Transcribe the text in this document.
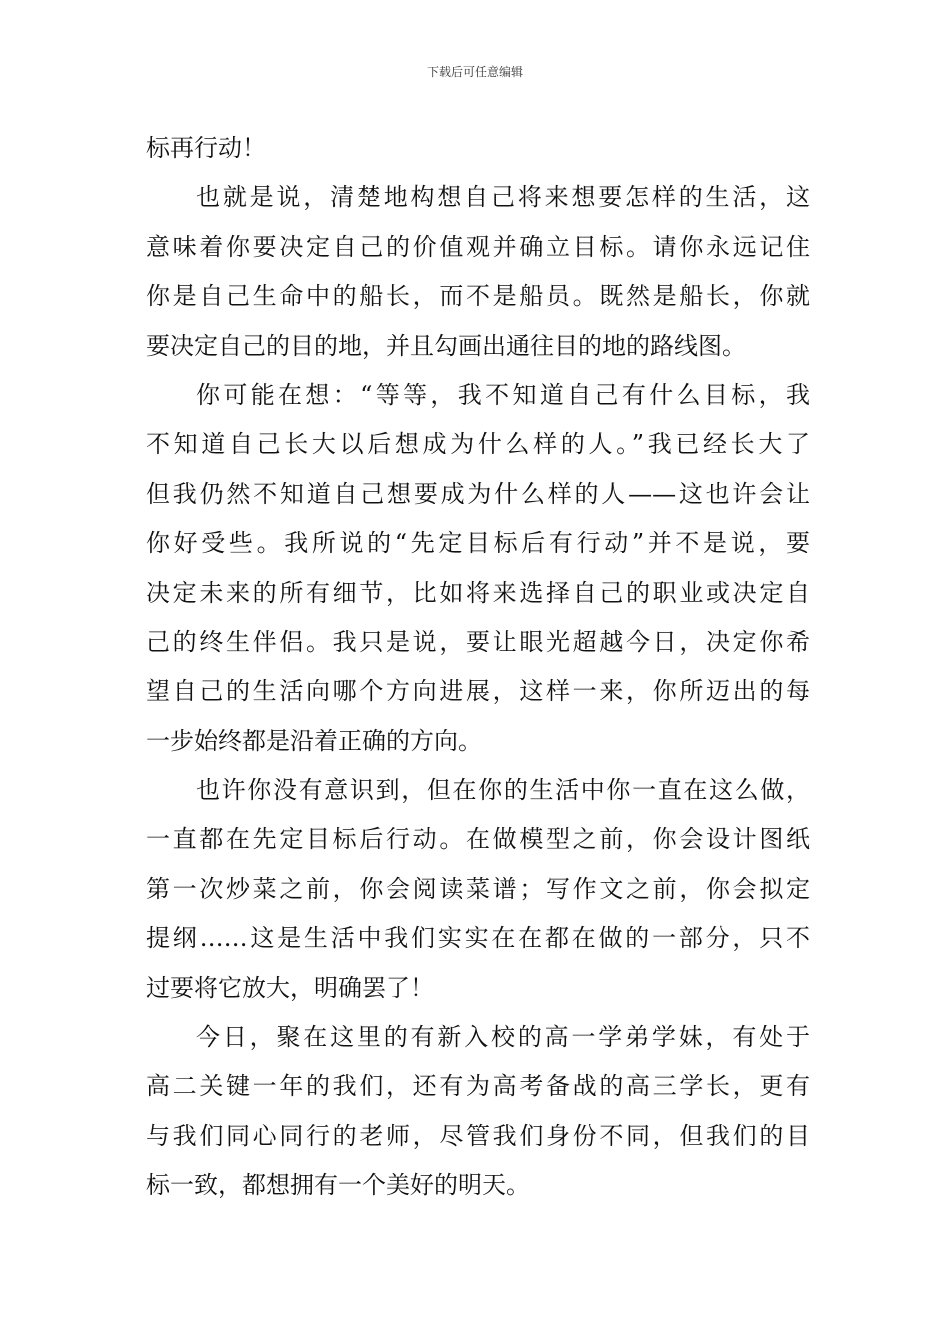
下载后可任意编辑
标再行动！
也就是说，清楚地构想自己将来想要怎样的生活，这
意味着你要决定自己的价值观并确立目标。请你永远记住
你是自己生命中的船长，而不是船员。既然是船长，你就
要决定自己的目的地，并且勾画出通往目的地的路线图。
你可能在想：“等等，我不知道自己有什么目标，我
不知道自己长大以后想成为什么样的人。”我已经长大了
但我仍然不知道自己想要成为什么样的人——这也许会让
你好受些。我所说的“先定目标后有行动”并不是说，要
决定未来的所有细节，比如将来选择自己的职业或决定自
己的终生伴侣。我只是说，要让眼光超越今日，决定你希
望自己的生活向哪个方向进展，这样一来，你所迈出的每
一步始终都是沿着正确的方向。
也许你没有意识到，但在你的生活中你一直在这么做，
一直都在先定目标后行动。在做模型之前，你会设计图纸
第一次炒菜之前，你会阅读菜谱；写作文之前，你会拟定
提纲……这是生活中我们实实在在都在做的一部分，只不
过要将它放大，明确罢了！
今日，聚在这里的有新入校的高一学弟学妹，有处于
高二关键一年的我们，还有为高考备战的高三学长，更有
与我们同心同行的老师，尽管我们身份不同，但我们的目
标一致，都想拥有一个美好的明天。
